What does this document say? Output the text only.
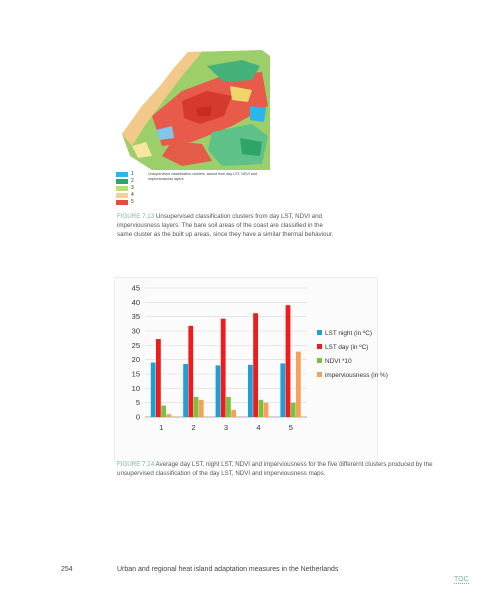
1
2
3
4
5
Unsupervised classification clusters, issued from day LST, NDVI and imperviousness layers
FIGURE 7.13 Unsupervised classification clusters from day LST, NDVI and imperviousness layers. The bare soil areas of the coast are classified in the same cluster as the built up areas, since they have a similar thermal behaviour.
0
5
10
15
20
25
30
35
40
45
1	2	3	4	5
LST night (in ºC)
LST day (in ºC)
NDVI *10
imperviousness (in %)
FIGURE 7.14 Average day LST, night LST, NDVI and imperviousness for the five differernt clusters produced by the unsupervised classification of the day LST, NDVI and imperviousness maps.
254	Urban and regional heat island adaptation measures in the Netherlands
TOC
